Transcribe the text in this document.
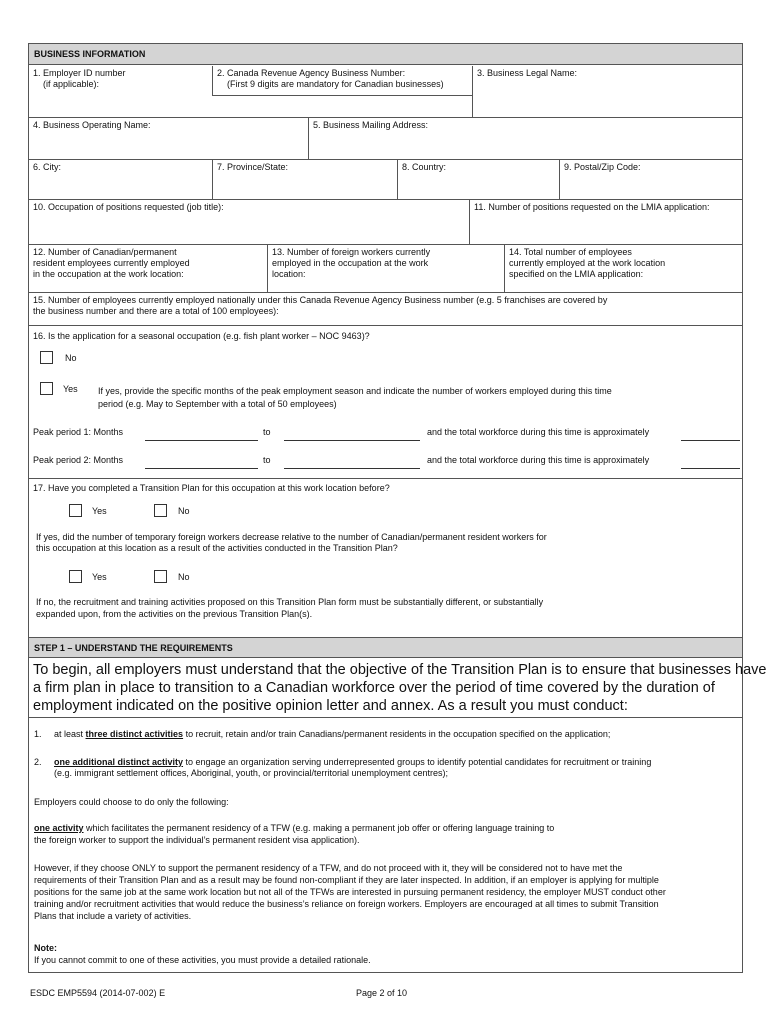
BUSINESS INFORMATION
1. Employer ID number
(if applicable):
2. Canada Revenue Agency Business Number:
(First 9 digits are mandatory for Canadian businesses)
3. Business Legal Name:
4. Business Operating Name:	5. Business Mailing Address:
6. City:	7. Province/State:	8. Country:	9. Postal/Zip Code:
10. Occupation of positions requested (job title):	11. Number of positions requested on the LMIA application:
12. Number of Canadian/permanent
resident employees currently employed
in the occupation at the work location:
13. Number of foreign workers currently
employed in the occupation at the work
location:
14. Total number of employees
currently employed at the work location
specified on the LMIA application:
15. Number of employees currently employed nationally under this Canada Revenue Agency Business number (e.g. 5 franchises are covered by
the business number and there are a total of 100 employees):
16. Is the application for a seasonal occupation (e.g. fish plant worker – NOC 9463)?
No
Yes If yes, provide the specific months of the peak employment season and indicate the number of workers employed during this time
period (e.g. May to September with a total of 50 employees)
Peak period 1: Months	to	and the total workforce during this time is approximately
Peak period 2: Months	to	and the total workforce during this time is approximately
17. Have you completed a Transition Plan for this occupation at this work location before?
Yes	No
If yes, did the number of temporary foreign workers decrease relative to the number of Canadian/permanent resident workers for
this occupation at this location as a result of the activities conducted in the Transition Plan?
Yes	No
If no, the recruitment and training activities proposed on this Transition Plan form must be substantially different, or substantially
expanded upon, from the activities on the previous Transition Plan(s).
STEP 1 – UNDERSTAND THE REQUIREMENTS
To begin, all employers must understand that the objective of the Transition Plan is to ensure that businesses have
a firm plan in place to transition to a Canadian workforce over the period of time covered by the duration of
employment indicated on the positive opinion letter and annex. As a result you must conduct:
1. at least three distinct activities to recruit, retain and/or train Canadians/permanent residents in the occupation specified on the application;
2. one additional distinct activity to engage an organization serving underrepresented groups to identify potential candidates for recruitment or training
(e.g. immigrant settlement offices, Aboriginal, youth, or provincial/territorial unemployment centres);
Employers could choose to do only the following:
one activity which facilitates the permanent residency of a TFW (e.g. making a permanent job offer or offering language training to
the foreign worker to support the individual’s permanent resident visa application).
However, if they choose ONLY to support the permanent residency of a TFW, and do not proceed with it, they will be considered not to have met the
requirements of their Transition Plan and as a result may be found non-compliant if they are later inspected. In addition, if an employer is applying for multiple
positions for the same job at the same work location but not all of the TFWs are interested in pursuing permanent residency, the employer MUST conduct other
training and/or recruitment activities that would reduce the business’s reliance on foreign workers. Employers are encouraged at all times to submit Transition
Plans that include a variety of activities.
Note:
If you cannot commit to one of these activities, you must provide a detailed rationale.
ESDC EMP5594 (2014-07-002) E	Page 2 of 10
